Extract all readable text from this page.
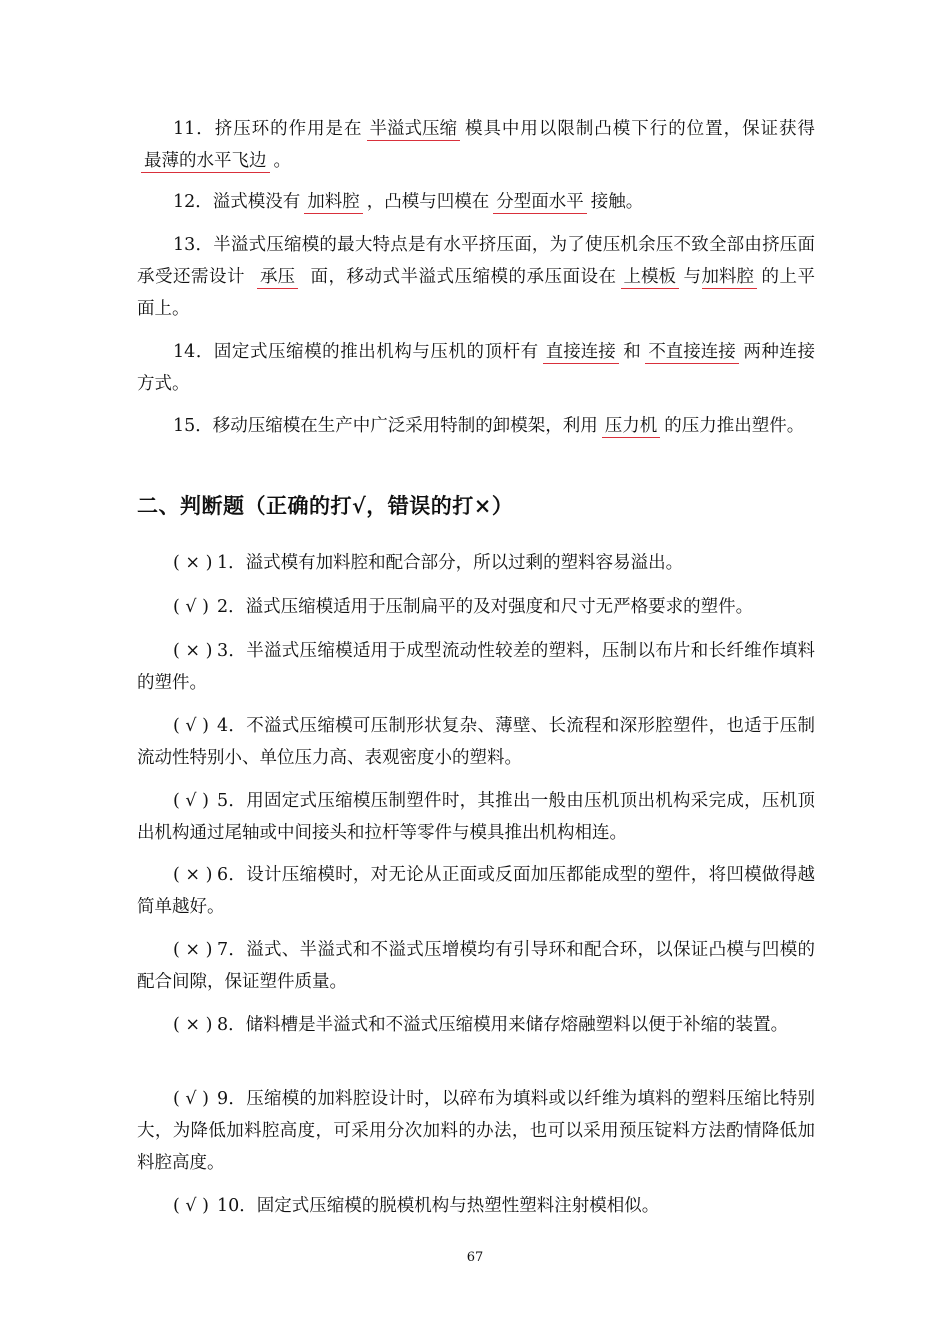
11．挤压环的作用是在 半溢式压缩 模具中用以限制凸模下行的位置，保证获得最薄的水平飞边 。

12．溢式模没有 加料腔 ，凸模与凹模在 分型面水平 接触。

13．半溢式压缩模的最大特点是有水平挤压面，为了使压机余压不致全部由挤压面承受还需设计 承压 面，移动式半溢式压缩模的承压面设在 上模板 与加料腔 的上平面上。

14．固定式压缩模的推出机构与压机的顶杆有 直接连接 和 不直接连接 两种连接方式。

15．移动压缩模在生产中广泛采用特制的卸模架，利用 压力机 的压力推出塑件。

二、判断题（正确的打√，错误的打×）

( × ) 1．溢式模有加料腔和配合部分，所以过剩的塑料容易溢出。

( √ ) 2．溢式压缩模适用于压制扁平的及对强度和尺寸无严格要求的塑件。

( × ) 3．半溢式压缩模适用于成型流动性较差的塑料，压制以布片和长纤维作填料的塑件。

( √ ) 4．不溢式压缩模可压制形状复杂、薄壁、长流程和深形腔塑件，也适于压制流动性特别小、单位压力高、表观密度小的塑料。

( √ ) 5．用固定式压缩模压制塑件时，其推出一般由压机顶出机构采完成，压机顶出机构通过尾轴或中间接头和拉杆等零件与模具推出机构相连。

( × ) 6．设计压缩模时，对无论从正面或反面加压都能成型的塑件，将凹模做得越简单越好。

( × ) 7．溢式、半溢式和不溢式压增模均有引导环和配合环，以保证凸模与凹模的配合间隙，保证塑件质量。

( × ) 8．储料槽是半溢式和不溢式压缩模用来储存熔融塑料以便于补缩的装置。

( √ ) 9．压缩模的加料腔设计时，以碎布为填料或以纤维为填料的塑料压缩比特别大，为降低加料腔高度，可采用分次加料的办法，也可以采用预压锭料方法酌情降低加料腔高度。

( √ ) 10．固定式压缩模的脱模机构与热塑性塑料注射模相似。

67
